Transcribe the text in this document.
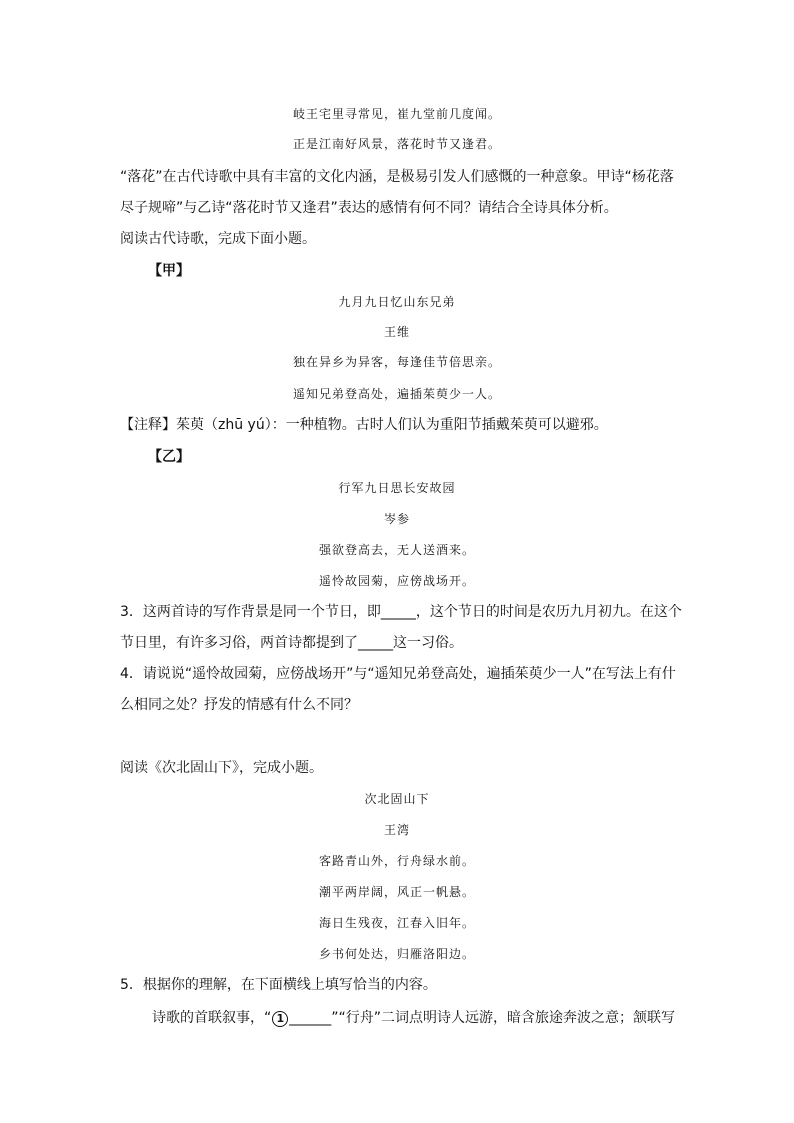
岐王宅里寻常见，崔九堂前几度闻。
正是江南好风景，落花时节又逢君。
“落花”在古代诗歌中具有丰富的文化内涵，是极易引发人们感慨的一种意象。甲诗“杨花落
尽子规啼”与乙诗“落花时节又逢君”表达的感情有何不同？请结合全诗具体分析。
阅读古代诗歌，完成下面小题。
【甲】
九月九日忆山东兄弟
王维
独在异乡为异客，每逢佳节倍思亲。
遥知兄弟登高处，遍插茱萸少一人。
【注释】茱萸（zhū yú）：一种植物。古时人们认为重阳节插戴茱萸可以避邪。
【乙】
行军九日思长安故园
岑参
强欲登高去，无人送酒来。
遥怜故园菊，应傍战场开。
3．这两首诗的写作背景是同一个节日，即_____，这个节日的时间是农历九月初九。在这个
节日里，有许多习俗，两首诗都提到了_____这一习俗。
4．请说说“遥怜故园菊，应傍战场开”与“遥知兄弟登高处，遍插茱萸少一人”在写法上有什
么相同之处？抒发的情感有什么不同？
阅读《次北固山下》，完成小题。
次北固山下
王湾
客路青山外，行舟绿水前。
潮平两岸阔，风正一帆悬。
海日生残夜，江春入旧年。
乡书何处达，归雁洛阳边。
5．根据你的理解，在下面横线上填写恰当的内容。
诗歌的首联叙事，“ 1 ______”“行舟”二词点明诗人远游，暗含旅途奔波之意；颔联写
